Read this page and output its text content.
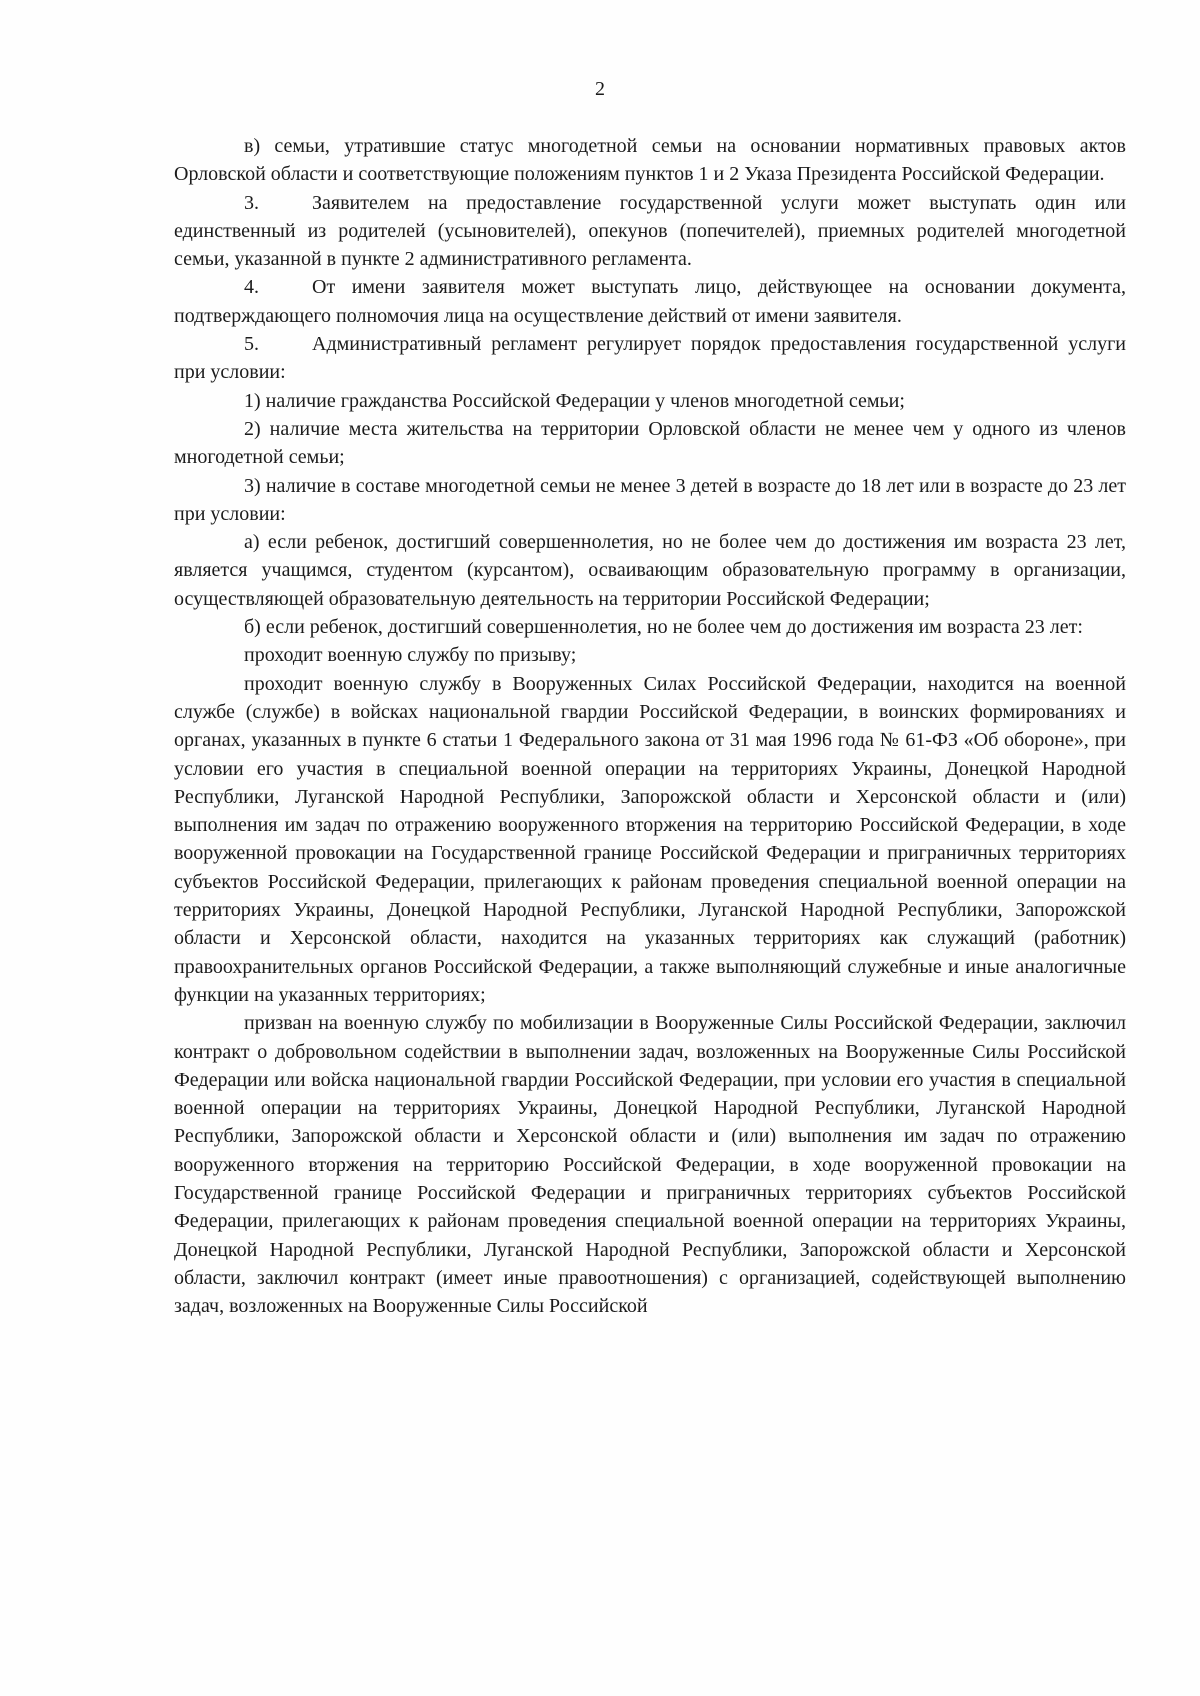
2

в) семьи, утратившие статус многодетной семьи на основании нормативных правовых актов Орловской области и соответствующие положениям пунктов 1 и 2 Указа Президента Российской Федерации.

3.	Заявителем на предоставление государственной услуги может выступать один или единственный из родителей (усыновителей), опекунов (попечителей), приемных родителей многодетной семьи, указанной в пункте 2 административного регламента.

4.	От имени заявителя может выступать лицо, действующее на основании документа, подтверждающего полномочия лица на осуществление действий от имени заявителя.

5.	Административный регламент регулирует порядок предоставления государственной услуги при условии:

1) наличие гражданства Российской Федерации у членов многодетной семьи;

2) наличие места жительства на территории Орловской области не менее чем у одного из членов многодетной семьи;

3) наличие в составе многодетной семьи не менее 3 детей в возрасте до 18 лет или в возрасте до 23 лет при условии:

а) если ребенок, достигший совершеннолетия, но не более чем до достижения им возраста 23 лет, является учащимся, студентом (курсантом), осваивающим образовательную программу в организации, осуществляющей образовательную деятельность на территории Российской Федерации;

б) если ребенок, достигший совершеннолетия, но не более чем до достижения им возраста 23 лет:

проходит военную службу по призыву;

проходит военную службу в Вооруженных Силах Российской Федерации, находится на военной службе (службе) в войсках национальной гвардии Российской Федерации, в воинских формированиях и органах, указанных в пункте 6 статьи 1 Федерального закона от 31 мая 1996 года № 61-ФЗ «Об обороне», при условии его участия в специальной военной операции на территориях Украины, Донецкой Народной Республики, Луганской Народной Республики, Запорожской области и Херсонской области и (или) выполнения им задач по отражению вооруженного вторжения на территорию Российской Федерации, в ходе вооруженной провокации на Государственной границе Российской Федерации и приграничных территориях субъектов Российской Федерации, прилегающих к районам проведения специальной военной операции на территориях Украины, Донецкой Народной Республики, Луганской Народной Республики, Запорожской области и Херсонской области, находится на указанных территориях как служащий (работник) правоохранительных органов Российской Федерации, а также выполняющий служебные и иные аналогичные функции на указанных территориях;

призван на военную службу по мобилизации в Вооруженные Силы Российской Федерации, заключил контракт о добровольном содействии в выполнении задач, возложенных на Вооруженные Силы Российской Федерации или войска национальной гвардии Российской Федерации, при условии его участия в специальной военной операции на территориях Украины, Донецкой Народной Республики, Луганской Народной Республики, Запорожской области и Херсонской области и (или) выполнения им задач по отражению вооруженного вторжения на территорию Российской Федерации, в ходе вооруженной провокации на Государственной границе Российской Федерации и приграничных территориях субъектов Российской Федерации, прилегающих к районам проведения специальной военной операции на территориях Украины, Донецкой Народной Республики, Луганской Народной Республики, Запорожской области и Херсонской области, заключил контракт (имеет иные правоотношения) с организацией, содействующей выполнению задач, возложенных на Вооруженные Силы Российской
